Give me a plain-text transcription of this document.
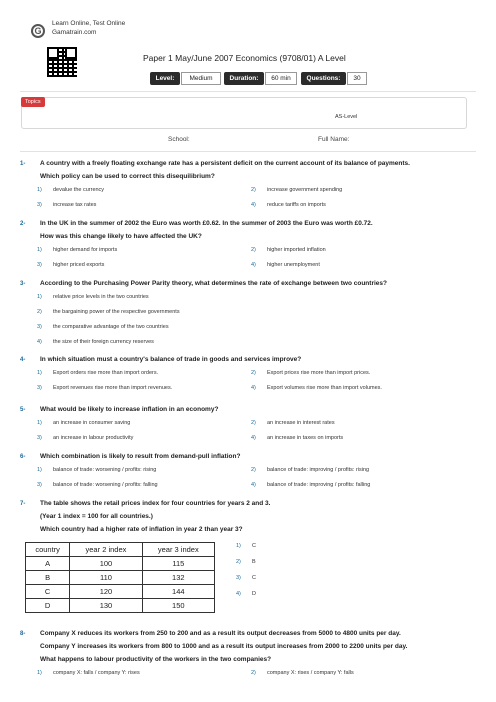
G
Learn Online, Test Online
Gamatrain.com
Paper 1 May/June 2007 Economics (9708/01) A Level
Level:	Medium	Duration:	60 min	Questions:	30
Topics
AS-Level
School:	Full Name:
1- A country with a freely floating exchange rate has a persistent deficit on the current account of its balance of payments.
Which policy can be used to correct this disequilibrium?
1) devalue the currency	2) increase government spending
3) increase tax rates	4) reduce tariffs on imports
2- In the UK in the summer of 2002 the Euro was worth £0.62. In the summer of 2003 the Euro was worth £0.72.
How was this change likely to have affected the UK?
1) higher demand for imports	2) higher imported inflation
3) higher priced exports	4) higher unemployment
3- According to the Purchasing Power Parity theory, what determines the rate of exchange between two countries?
1) relative price levels in the two countries
2) the bargaining power of the respective governments
3) the comparative advantage of the two countries
4) the size of their foreign currency reserves
4- In which situation must a country's balance of trade in goods and services improve?
1) Export orders rise more than import orders.	2) Export prices rise more than import prices.
3) Export revenues rise more than import revenues.	4) Export volumes rise more than import volumes.
5- What would be likely to increase inflation in an economy?
1) an increase in consumer saving	2) an increase in interest rates
3) an increase in labour productivity	4) an increase in taxes on imports
6- Which combination is likely to result from demand-pull inflation?
1) balance of trade: worsening / profits: rising	2) balance of trade: improving / profits: rising
3) balance of trade: worsening / profits: falling	4) balance of trade: improving / profits: falling
7- The table shows the retail prices index for four countries for years 2 and 3.
(Year 1 index = 100 for all countries.)
Which country had a higher rate of inflation in year 2 than year 3?
country	year 2 index	year 3 index
A	100	115
B	110	132
C	120	144
D	130	150
1) C
2) B
3) C
4) D
8- Company X reduces its workers from 250 to 200 and as a result its output decreases from 5000 to 4800 units per day.
Company Y increases its workers from 800 to 1000 and as a result its output increases from 2000 to 2200 units per day.
What happens to labour productivity of the workers in the two companies?
1) company X: falls / company Y: rises	2) company X: rises / company Y: falls
